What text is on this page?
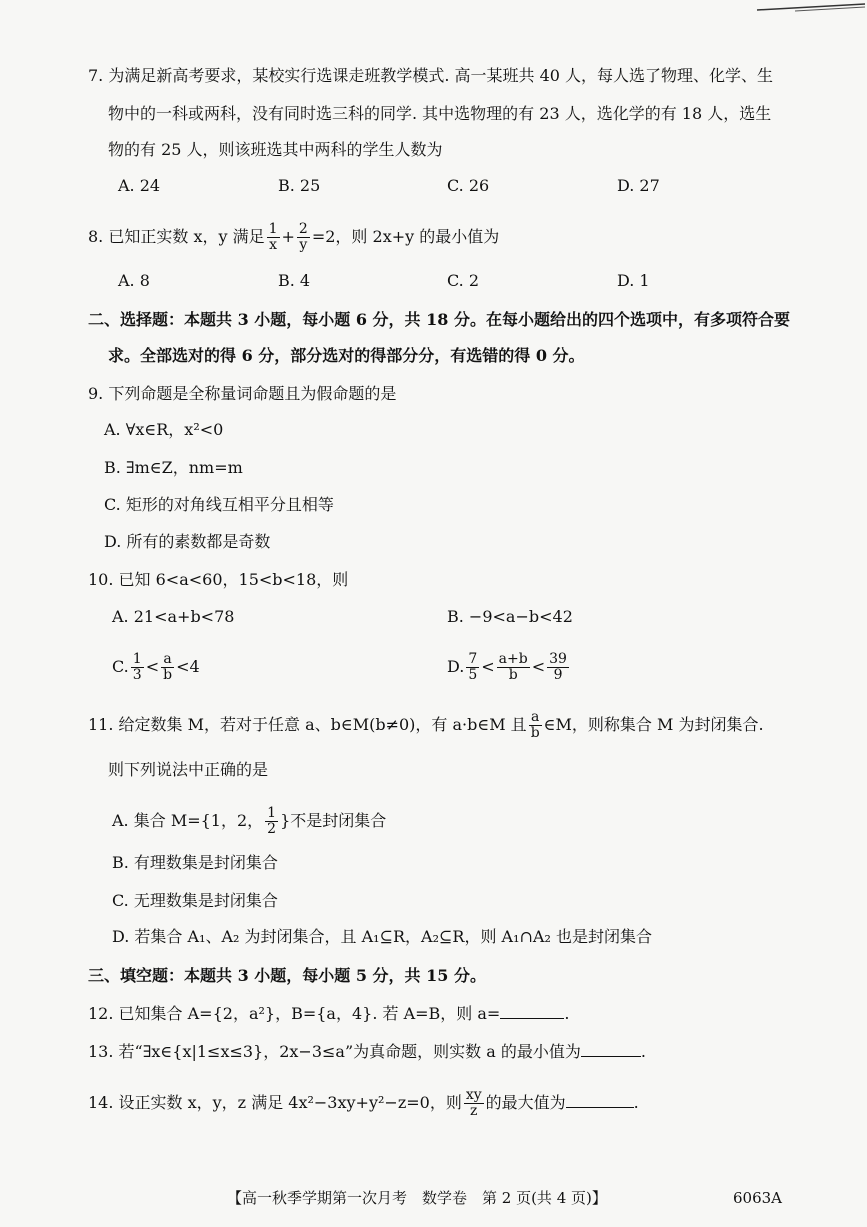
7. 为满足新高考要求，某校实行选课走班教学模式. 高一某班共 40 人，每人选了物理、化学、生
物中的一科或两科，没有同时选三科的同学. 其中选物理的有 23 人，选化学的有 18 人，选生
物的有 25 人，则该班选其中两科的学生人数为
A. 24	B. 25	C. 26	D. 27
8. 已知正实数 x，y 满足 $\frac{1}{x} + \frac{2}{y} =2$，则 2x+y 的最小值为
A. 8	B. 4	C. 2	D. 1
二、选择题：本题共 3 小题，每小题 6 分，共 18 分。在每小题给出的四个选项中，有多项符合要
求。全部选对的得 6 分，部分选对的得部分分，有选错的得 0 分。
9. 下列命题是全称量词命题且为假命题的是
A. ∀x∈R，x²<0
B. ∃m∈Z，nm=m
C. 矩形的对角线互相平分且相等
D. 所有的素数都是奇数
10. 已知 6<a<60，15<b<18，则
A. 21<a+b<78	B. −9<a−b<42
C. $\frac{1}{3} < \frac{a}{b} <4$	D. $\frac{7}{5} < \frac{a+b}{b} < \frac{39}{9}$
11. 给定数集 M，若对于任意 a、b∈M(b≠0)，有 a·b∈M 且 $\frac{a}{b}$ ∈M，则称集合 M 为封闭集合.
则下列说法中正确的是
A. 集合 M={1，2， $\frac{1}{2}$ }不是封闭集合
B. 有理数集是封闭集合
C. 无理数集是封闭集合
D. 若集合 A₁、A₂ 为封闭集合，且 A₁⊆R，A₂⊆R，则 A₁∩A₂ 也是封闭集合
三、填空题：本题共 3 小题，每小题 5 分，共 15 分。
12. 已知集合 A={2，a²}，B={a，4}. 若 A=B，则 a=	.
13. 若“∃x∈{x|1≤x≤3}，2x−3≤a”为真命题，则实数 a 的最小值为	.
14. 设正实数 x，y，z 满足 4x²−3xy+y²−z=0，则 $\frac{xy}{z}$ 的最大值为	.
【高一秋季学期第一次月考　数学卷　第 2 页(共 4 页)】	6063A
